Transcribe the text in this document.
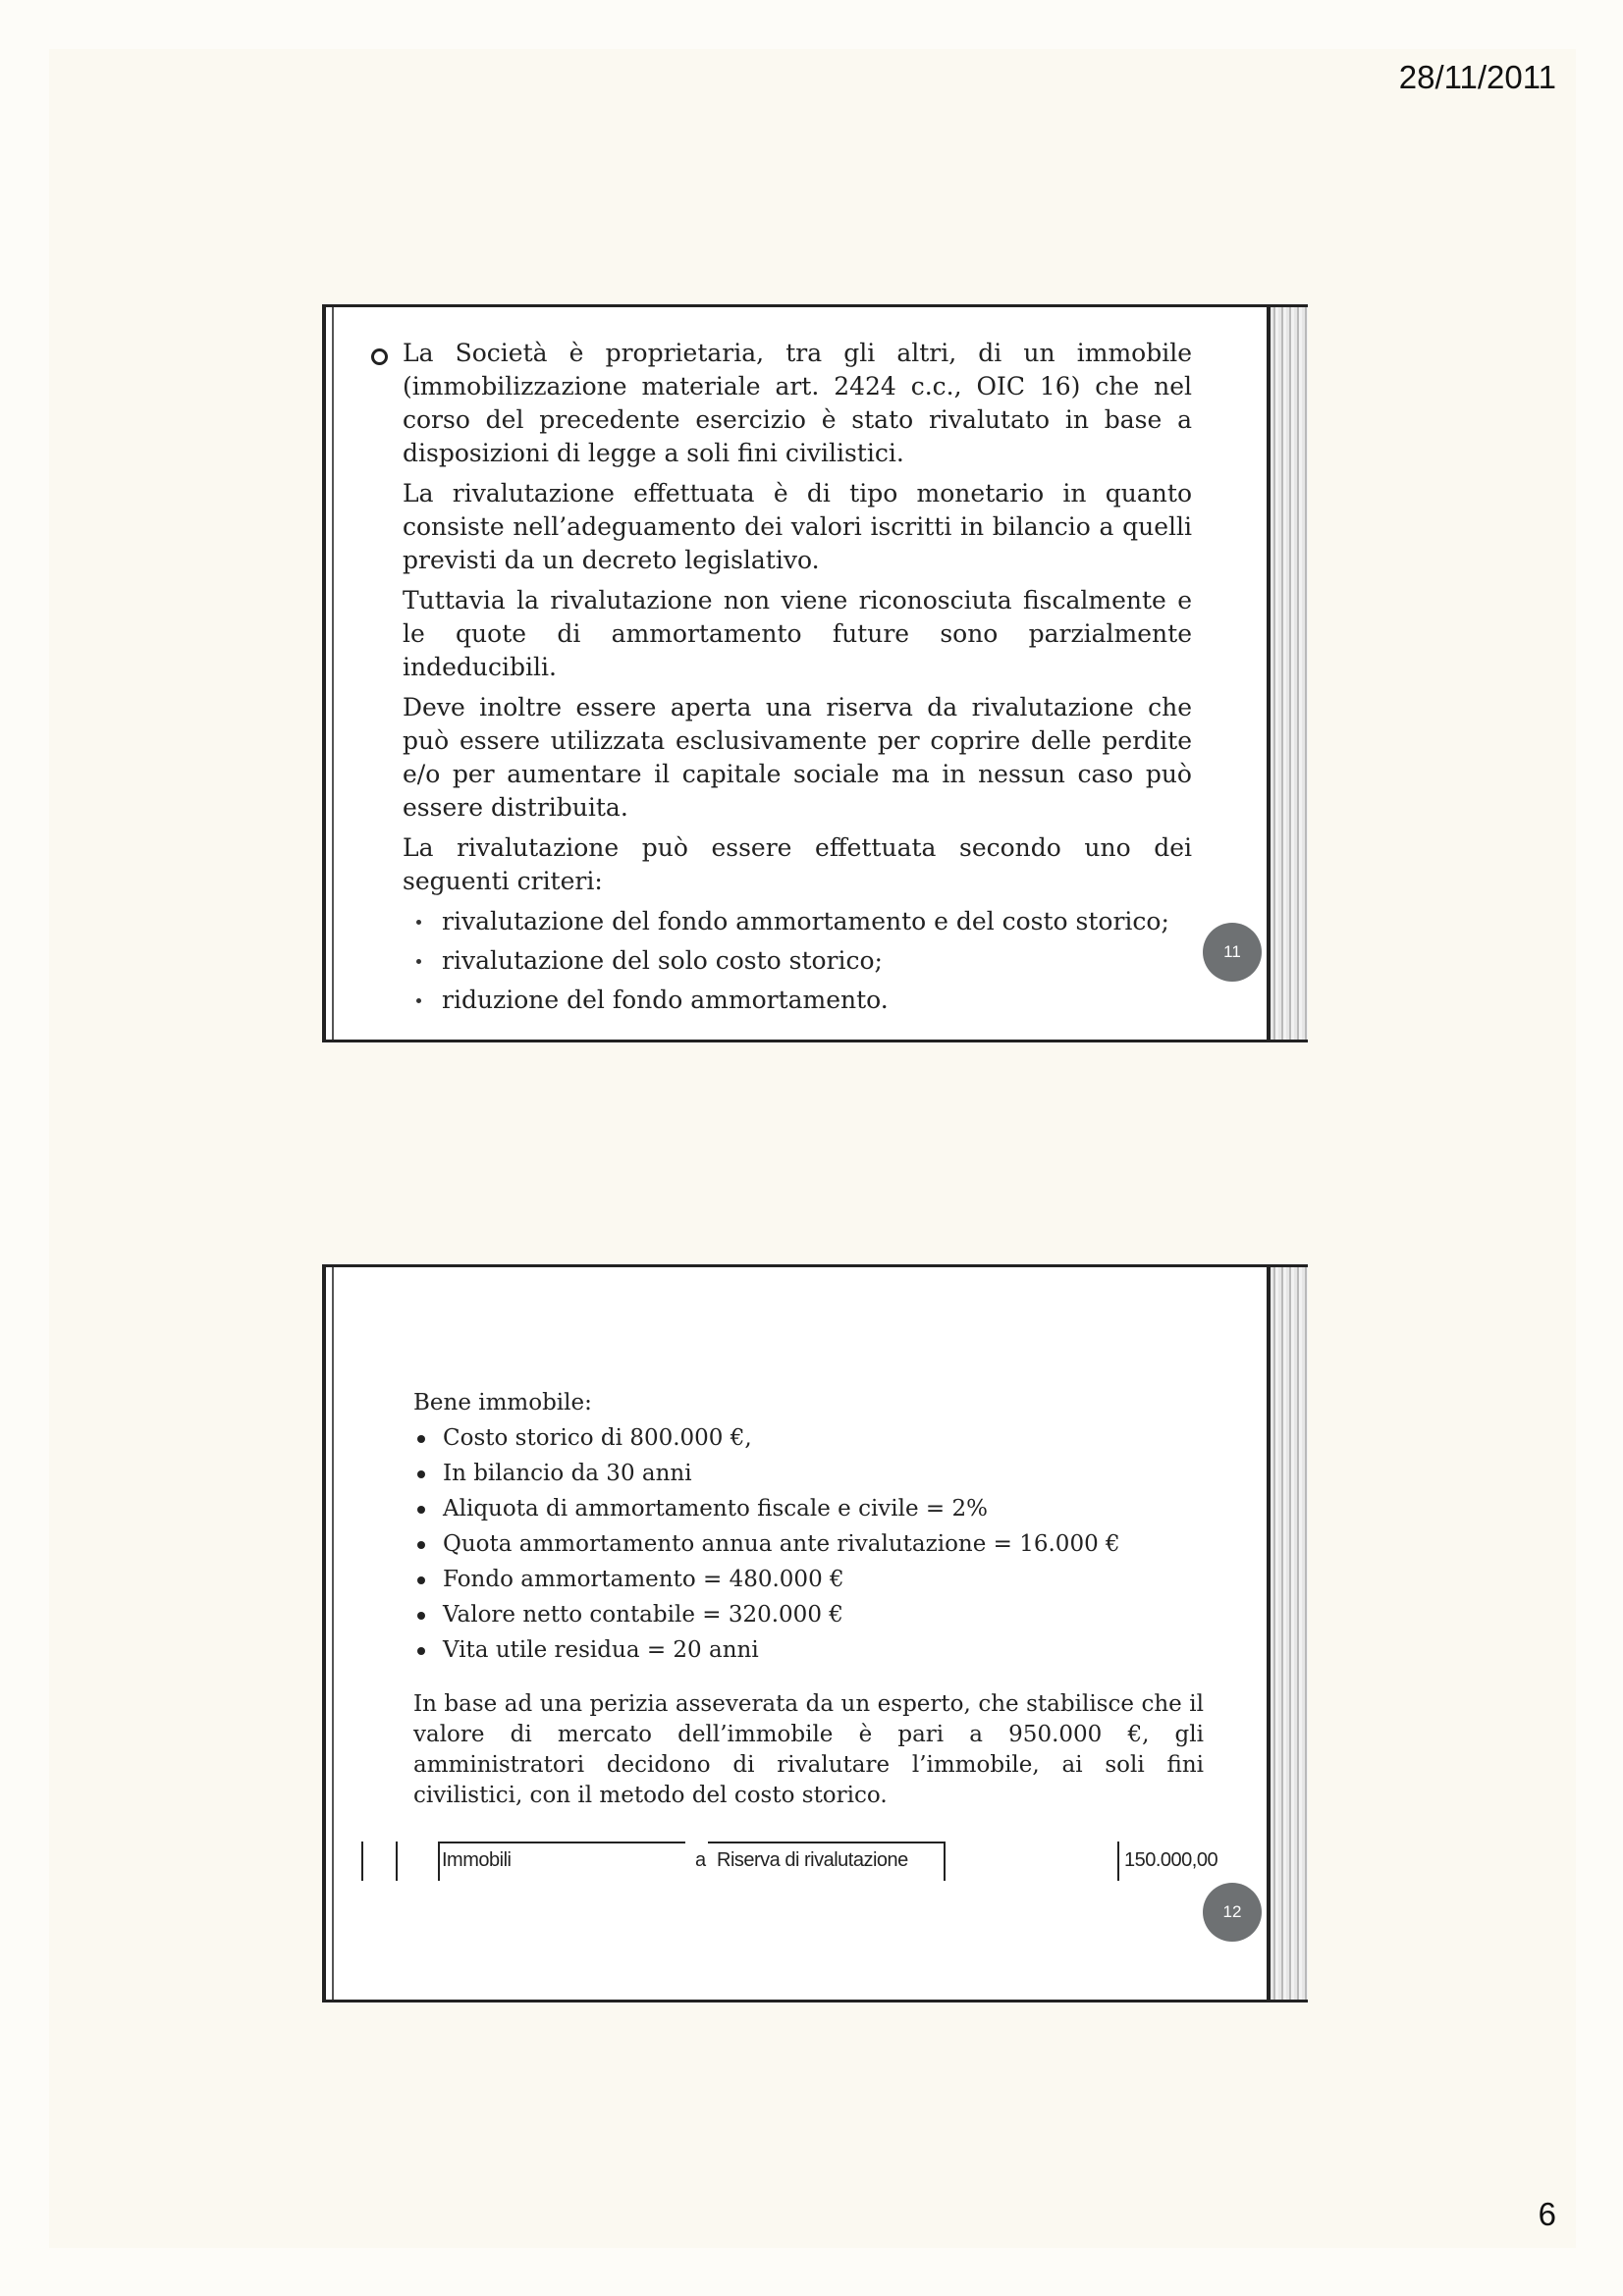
28/11/2011

La Società è proprietaria, tra gli altri, di un immobile (immobilizzazione materiale art. 2424 c.c., OIC 16) che nel corso del precedente esercizio è stato rivalutato in base a disposizioni di legge a soli fini civilistici.

La rivalutazione effettuata è di tipo monetario in quanto consiste nell’adeguamento dei valori iscritti in bilancio a quelli previsti da un decreto legislativo.

Tuttavia la rivalutazione non viene riconosciuta fiscalmente e le quote di ammortamento future sono parzialmente indeducibili.

Deve inoltre essere aperta una riserva da rivalutazione che può essere utilizzata esclusivamente per coprire delle perdite e/o per aumentare il capitale sociale ma in nessun caso può essere distribuita.

La rivalutazione può essere effettuata secondo uno dei seguenti criteri:

rivalutazione del fondo ammortamento e del costo storico;
rivalutazione del solo costo storico;
riduzione del fondo ammortamento.
11

Bene immobile:

Costo storico di 800.000 €,
In bilancio da 30 anni
Aliquota di ammortamento fiscale e civile = 2%
Quota ammortamento annua ante rivalutazione = 16.000 €
Fondo ammortamento = 480.000 €
Valore netto contabile = 320.000 €
Vita utile residua = 20 anni

In base ad una perizia asseverata da un esperto, che stabilisce che il valore di mercato dell’immobile è pari a 950.000 €, gli amministratori decidono di rivalutare l’immobile, ai soli fini civilistici, con il metodo del costo storico.

Immobili	a Riserva di rivalutazione	150.000,00
12
6
